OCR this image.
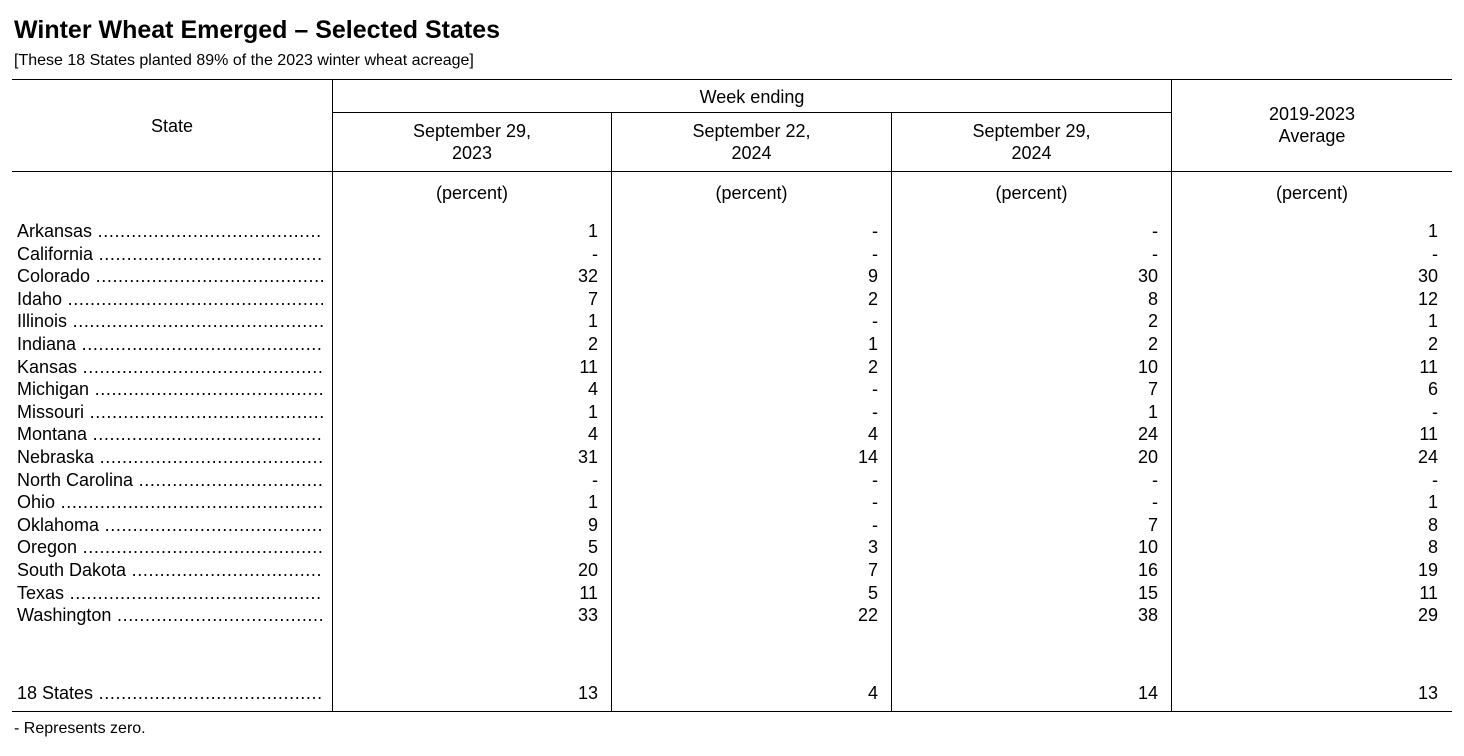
Winter Wheat Emerged – Selected States
[These 18 States planted 89% of the 2023 winter wheat acreage]
State
Week ending
September 29,
2023
September 22,
2024
September 29,
2024
2019-2023
Average
(percent)	(percent)	(percent)	(percent)
Arkansas .....	1	-	-	1
California .....	-	-	-	-
Colorado .....	32	9	30	30
Idaho .....	7	2	8	12
Illinois .....	1	-	2	1
Indiana .....	2	1	2	2
Kansas .....	11	2	10	11
Michigan .....	4	-	7	6
Missouri .....	1	-	1	-
Montana .....	4	4	24	11
Nebraska .....	31	14	20	24
North Carolina .....	-	-	-	-
Ohio .....	1	-	-	1
Oklahoma .....	9	-	7	8
Oregon .....	5	3	10	8
South Dakota .....	20	7	16	19
Texas .....	11	5	15	11
Washington .....	33	22	38	29
18 States .....	13	4	14	13
- Represents zero.
